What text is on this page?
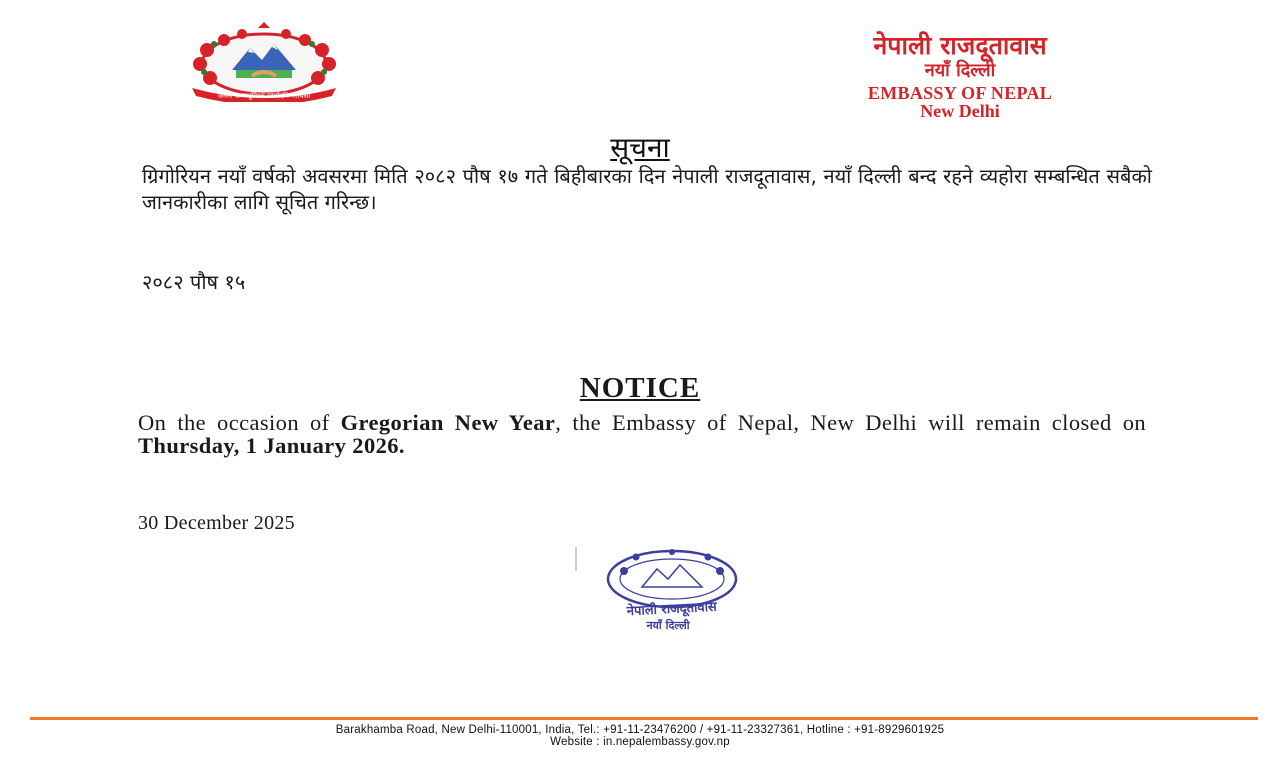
जननी जन्मभूमिश्च स्वर्गादपि गरीयसी
नेपाली राजदूतावास
नयाँ दिल्ली
EMBASSY OF NEPAL
New Delhi
सूचना
ग्रिगोरियन नयाँ वर्षको अवसरमा मिति २०८२ पौष १७ गते बिहीबारका दिन नेपाली राजदूतावास, नयाँ दिल्ली बन्द रहने व्यहोरा सम्बन्धित सबैको जानकारीका लागि सूचित गरिन्छ।
२०८२ पौष १५
NOTICE
On the occasion of Gregorian New Year, the Embassy of Nepal, New Delhi will remain closed on Thursday, 1 January 2026.
30 December 2025
नेपाली राजदूतावास
नयाँ दिल्ली
Barakhamba Road, New Delhi-110001, India, Tel.: +91-11-23476200 / +91-11-23327361, Hotline : +91-8929601925
Website : in.nepalembassy.gov.np
